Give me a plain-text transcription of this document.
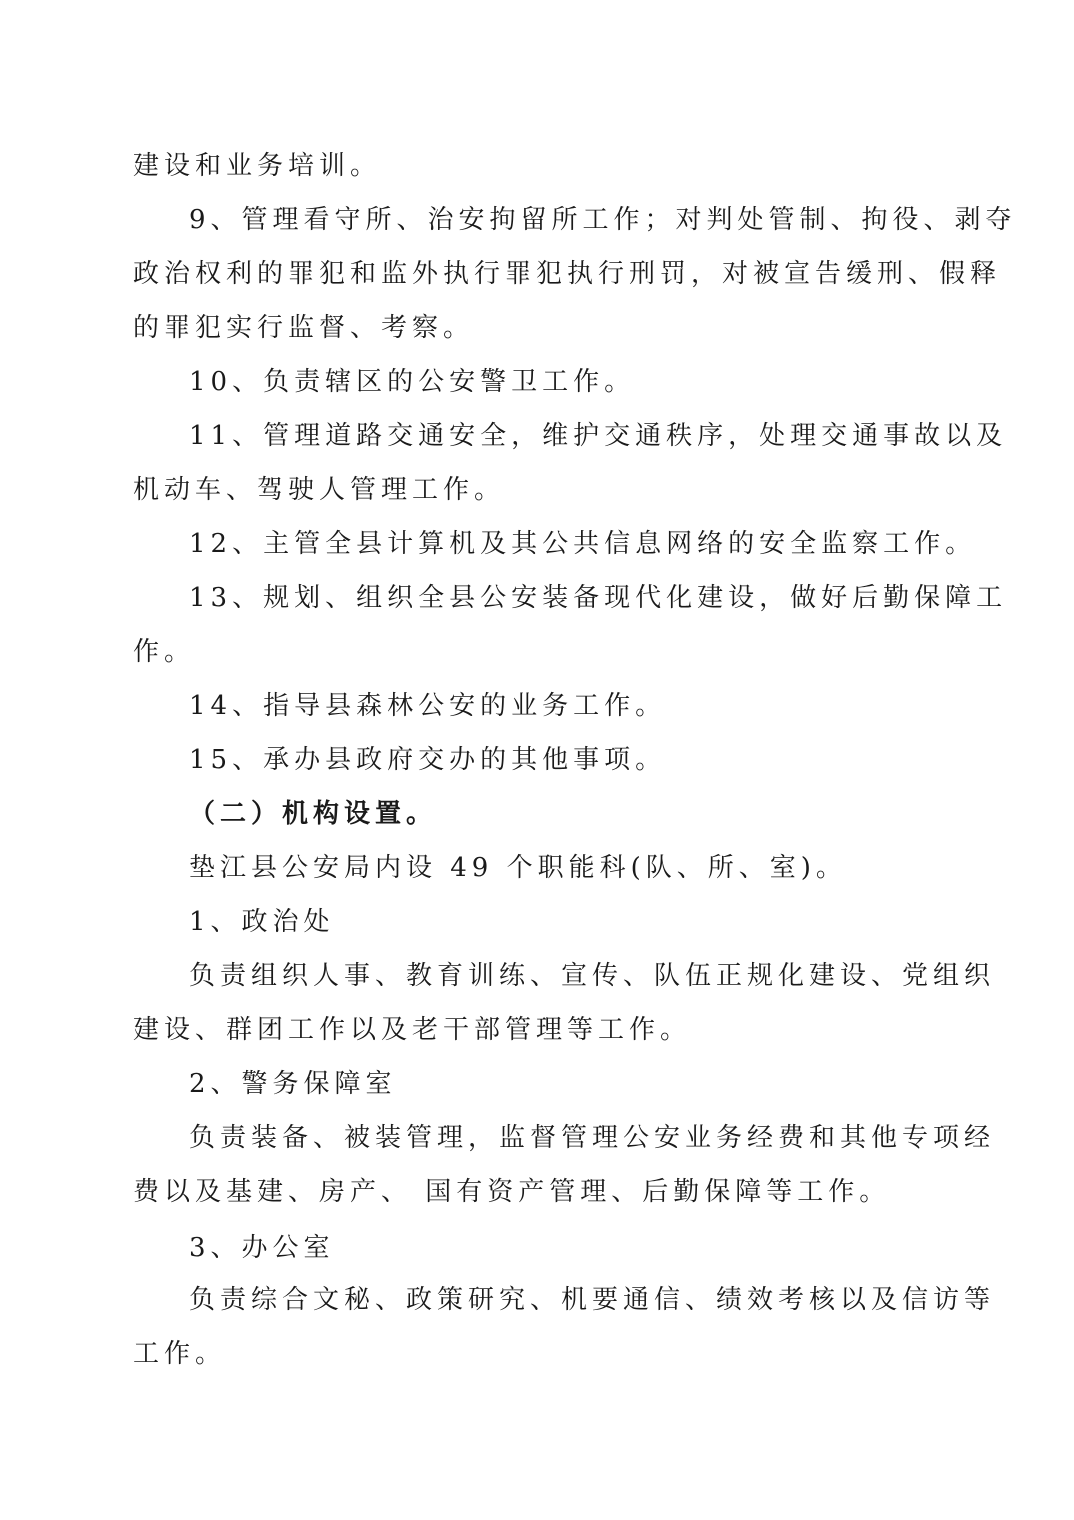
建设和业务培训。
9、管理看守所、治安拘留所工作；对判处管制、拘役、剥夺
政治权利的罪犯和监外执行罪犯执行刑罚，对被宣告缓刑、假释
的罪犯实行监督、考察。
10、负责辖区的公安警卫工作。
11、管理道路交通安全，维护交通秩序，处理交通事故以及
机动车、驾驶人管理工作。
12、主管全县计算机及其公共信息网络的安全监察工作。
13、规划、组织全县公安装备现代化建设，做好后勤保障工
作。
14、指导县森林公安的业务工作。
15、承办县政府交办的其他事项。
（二）机构设置。
垫江县公安局内设 49 个职能科(队、所、室)。
1、政治处
负责组织人事、教育训练、宣传、队伍正规化建设、党组织
建设、群团工作以及老干部管理等工作。
2、警务保障室
负责装备、被装管理，监督管理公安业务经费和其他专项经
费以及基建、房产、 国有资产管理、后勤保障等工作。
3、办公室
负责综合文秘、政策研究、机要通信、绩效考核以及信访等
工作。
